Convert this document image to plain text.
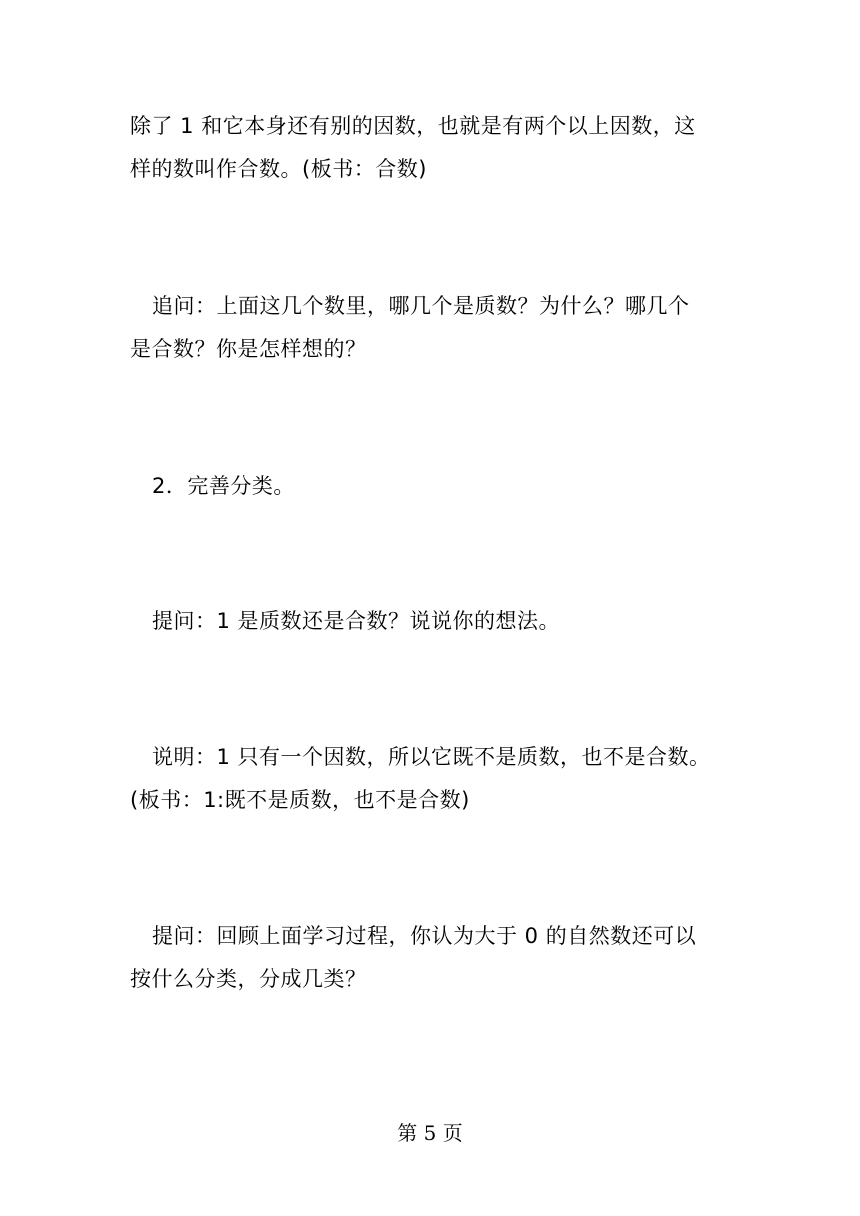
除了 1 和它本身还有别的因数，也就是有两个以上因数，这
样的数叫作合数。(板书：合数)
追问：上面这几个数里，哪几个是质数？为什么？哪几个
是合数？你是怎样想的？
2．完善分类。
提问：1 是质数还是合数？说说你的想法。
说明：1 只有一个因数，所以它既不是质数，也不是合数。
(板书：1:既不是质数，也不是合数)
提问：回顾上面学习过程，你认为大于 0 的自然数还可以
按什么分类，分成几类？
第 5 页
